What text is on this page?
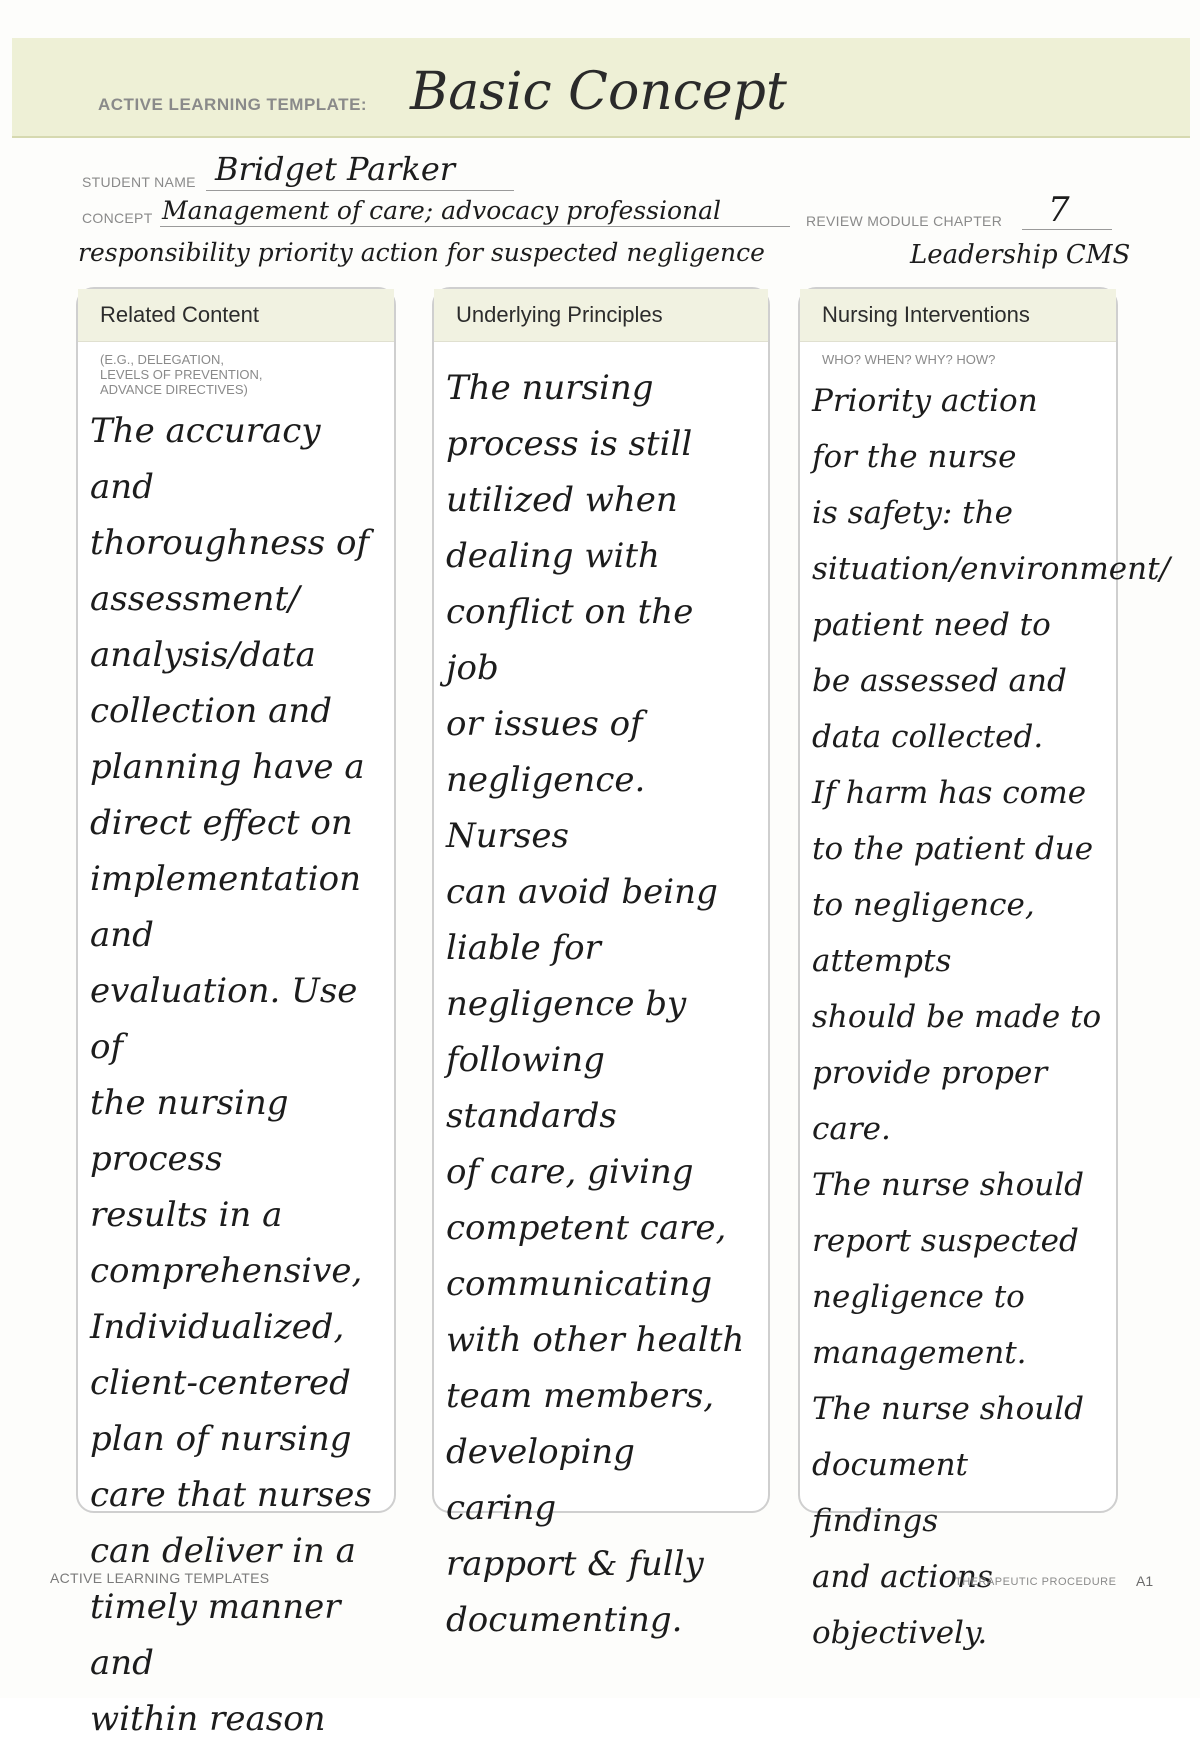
ACTIVE LEARNING TEMPLATE: Basic Concept
STUDENT NAME Bridget Parker
CONCEPT Management of care; advocacy professional
responsibility priority action for suspected negligence
REVIEW MODULE CHAPTER 7
Leadership CMS
Related Content
(E.G., DELEGATION,
LEVELS OF PREVENTION,
ADVANCE DIRECTIVES)
The accuracy and
thoroughness of
assessment/
analysis/data
collection and
planning have a
direct effect on
implementation and
evaluation. Use of
the nursing process
results in a
comprehensive,
Individualized,
client-centered
plan of nursing
care that nurses
can deliver in a
timely manner and
within reason
Underlying Principles
The nursing
process is still
utilized when
dealing with
conflict on the job
or issues of
negligence. Nurses
can avoid being
liable for
negligence by
following standards
of care, giving
competent care,
communicating
with other health
team members,
developing caring
rapport & fully
documenting.
Nursing Interventions
WHO? WHEN? WHY? HOW?
Priority action
for the nurse
is safety: the
situation/environment/
patient need to
be assessed and
data collected.
If harm has come
to the patient due
to negligence, attempts
should be made to
provide proper care.
The nurse should
report suspected
negligence to management.
The nurse should
document findings
and actions
objectively.
ACTIVE LEARNING TEMPLATES	THERAPEUTIC PROCEDURE A1
